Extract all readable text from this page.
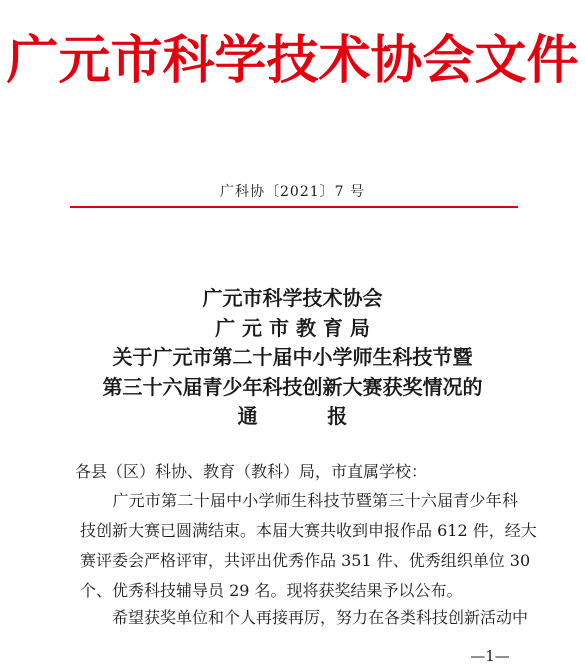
广元市科学技术协会文件
广科协〔2021〕7 号
广元市科学技术协会
广 元 市 教 育 局
关于广元市第二十届中小学师生科技节暨
第三十六届青少年科技创新大赛获奖情况的
通          报
各县（区）科协、教育（教科）局，市直属学校：
　　广元市第二十届中小学师生科技节暨第三十六届青少年科
技创新大赛已圆满结束。本届大赛共收到申报作品 612 件，经大
赛评委会严格评审，共评出优秀作品 351 件、优秀组织单位 30
个、优秀科技辅导员 29 名。现将获奖结果予以公布。
　　希望获奖单位和个人再接再厉，努力在各类科技创新活动中
—1—
